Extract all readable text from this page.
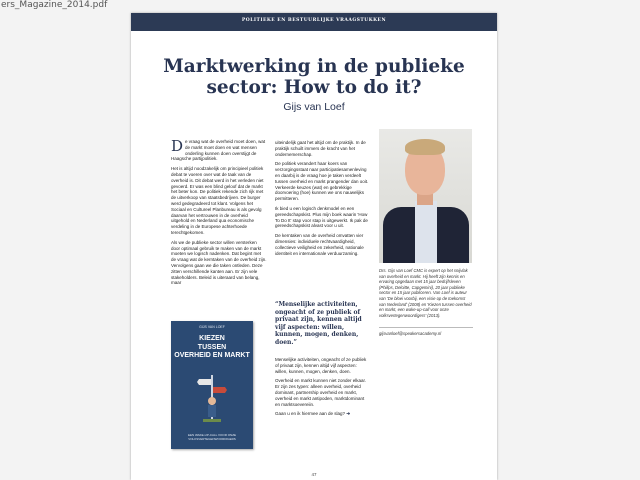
ers_Magazine_2014.pdf
POLITIEKE EN BESTUURLIJKE VRAAGSTUKKEN
Marktwerking in de publieke
sector: How to do it?
Gijs van Loef

De vraag wat de overheid moet doen, wat de markt moet doen en wat mensen onderling kunnen doen overstijgt de Haagsche partijpolitiek.

Het is altijd noodzakelijk om principieel politiek debat te voeren over wat de taak van de overheid is. Dit debat werd in het verleden niet gevoerd. Er was een blind geloof dat de markt het beter kon. De politiek rekende zich rijk met de uitverkoop van staatsbedrijven. De burger werd gedegradeerd tot klant. Volgens het Sociaal en Cultureel Planbureau is als gevolg daarvan het vertrouwen in de overheid uitgehold en Nederland qua economische verdeling in de Europese achterhoede terechtgekomen.

Als we de publieke sector willen versterken door optimaal gebruik te maken van de markt moeten we logisch nadenken. Dat begint met de vraag wat de kerntaken van de overheid zijn. Vervolgens gaan we die taken ontleden. Deze zitten verschillende kanten aan. Er zijn vele stakeholders. Beleid is uiteraard van belang, maar

uiteindelijk gaat het altijd om de praktijk. In de praktijk schuilt immers de kracht van het ondernemerschap.

De politiek verandert haar koers van verzorgingsstaat naar participatiesamenleving en daarbij is de vraag hoe je taken verdeelt tussen overheid en markt prangender dan ooit. Verkeerde keuzes (wat) en gebrekkige doorvoering (hoe) kunnen we ons nauwelijks permitteren.

Ik bied u een logisch denkmodel en een gereedschapskist. Plus mijn boek waarin 'How To Do It' stap voor stap is uitgewerkt. Ik pak de gereedschapskist alvast voor u uit.

De kerntaken van de overheid omvatten vier dimensies: individuele rechtvaardigheid, collectieve veiligheid en zekerheid, nationale identiteit en internationale verduurzaming.

“Menselijke activiteiten, ongeacht of ze publiek of privaat zijn, kennen altijd vijf aspecten: willen, kunnen, mogen, denken, doen.”

Menselijke activiteiten, ongeacht of ze publiek of privaat zijn, kennen altijd vijf aspecten: willen, kunnen, mogen, denken, doen.

Overheid en markt kunnen niet zonder elkaar. Er zijn zes typen: alleen overheid, overheid dominant, partnership overheid en markt, overheid en markt antipoden, marktdominant en marktsoevereiin.

Gaan u en ik hiermee aan de slag? ➔

Drs. Gijs van Loef CMC is expert op het snijvlak van overheid en markt. Hij heeft zijn kennis en ervaring opgedaan met 15 jaar bedrijfsleven (Philips, Deloitte, Capgemini), 20 jaar publieke sector en 15 jaar publiceren. Van Loef is auteur van 'De bloei voorbij, een visie op de toekomst van Nederland' (2008) en 'Kiezen tussen overheid en markt, een wake-up-call voor onze volksvertegenwoordigers' (2013).
gijsvanloef@speakersacademy.nl
GIJS VAN LOEF
KIEZEN
TUSSEN
OVERHEID EN MARKT
EEN WAKE-UP-CALL VOOR ONZE VOLKSVERTEGENWOORDIGERS
47
